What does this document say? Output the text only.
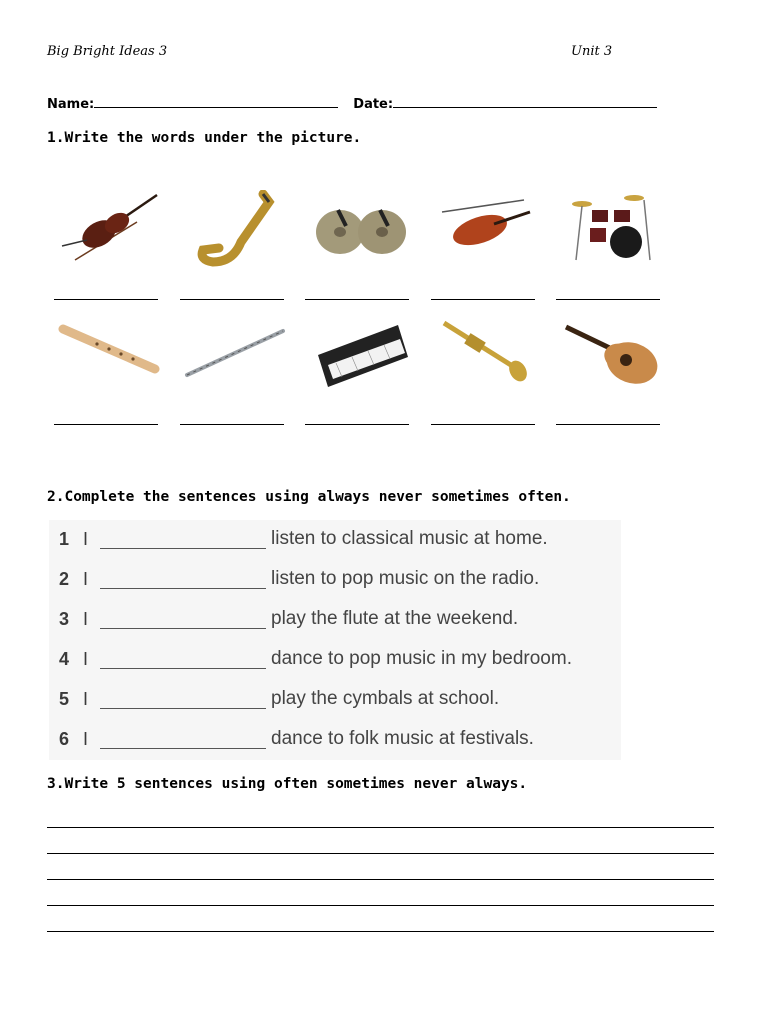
Big Bright Ideas 3	Unit 3
Name:	Date:
1.Write the words under the picture.
2.Complete the sentences using always never sometimes often.
1 I	listen to classical music at home.
2 I	listen to pop music on the radio.
3 I	play the flute at the weekend.
4 I	dance to pop music in my bedroom.
5 I	play the cymbals at school.
6 I	dance to folk music at festivals.
3.Write 5 sentences using often sometimes never always.
